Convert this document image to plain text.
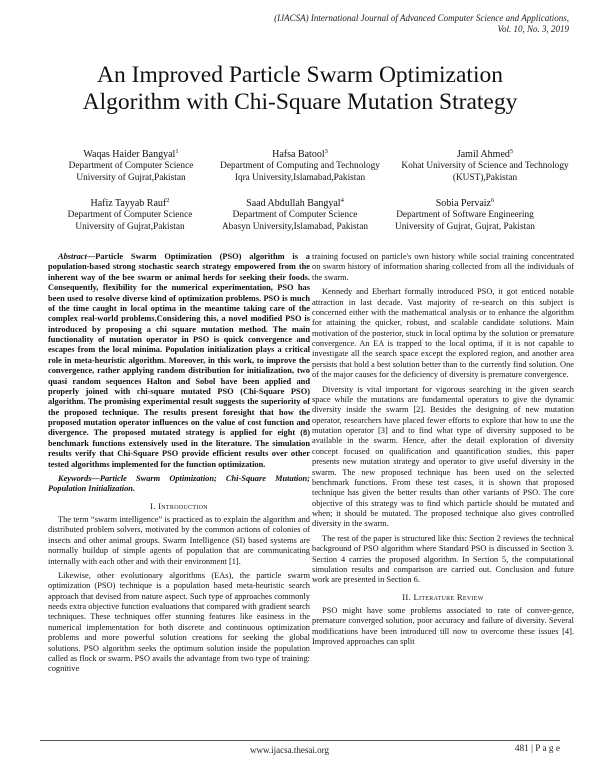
(IJACSA) International Journal of Advanced Computer Science and Applications,
Vol. 10, No. 3, 2019
An Improved Particle Swarm Optimization
Algorithm with Chi-Square Mutation Strategy
Waqas Haider Bangyal$^1$
Department of Computer Science
University of Gujrat,Pakistan
Hafsa Batool$^3$
Department of Computing and Technology
Iqra University,Islamabad,Pakistan
Jamil Ahmed$^5$
Kohat University of Science and Technology
(KUST),Pakistan
Hafiz Tayyab Rauf$^2$
Department of Computer Science
University of Gujrat,Pakistan
Saad Abdullah Bangyal$^4$
Department of Computer Science
Abasyn University,Islamabad, Pakistan
Sobia Pervaiz$^6$
Department of Software Engineering
University of Gujrat, Gujrat, Pakistan

Abstract—Particle Swarm Optimization (PSO) algorithm is a population-based strong stochastic search strategy empowered from the inherent way of the bee swarm or animal herds for seeking their foods. Consequently, flexibility for the numerical experimentation, PSO has been used to resolve diverse kind of optimization problems. PSO is much of the time caught in local optima in the meantime taking care of the complex real-world problems.Considering this, a novel modified PSO is introduced by proposing a chi square mutation method. The main functionality of mutation operator in PSO is quick convergence and escapes from the local minima. Population initialization plays a critical role in meta-heuristic algorithm. Moreover, in this work, to improve the convergence, rather applying random distribution for initialization, two quasi random sequences Halton and Sobol have been applied and properly joined with chi-square mutated PSO (Chi-Square PSO) algorithm. The promising experimental result suggests the superiority of the proposed technique. The results present foresight that how the proposed mutation operator influences on the value of cost function and divergence. The proposed mutated strategy is applied for eight (8) benchmark functions extensively used in the literature. The simulation results verify that Chi-Square PSO provide efficient results over other tested algorithms implemented for the function optimization.

Keywords—Particle Swarm Optimization; Chi-Square Mutation; Population Initialization.

I. Introduction

The term “swarm intelligence” is practiced as to explain the algorithm and distributed problem solvers, motivated by the common actions of colonies of insects and other animal groups. Swarm Intelligence (SI) based systems are normally buildup of simple agents of population that are communicating internally with each other and with their environment [1].

Likewise, other evolutionary algorithms (EAs), the particle swarm optimization (PSO) technique is a population based meta-heuristic search approach that devised from nature aspect. Such type of approaches commonly needs extra objective function evaluations that compared with gradient search techniques. These techniques offer stunning features like easiness in the numerical implementation for both discrete and continuous optimization problems and more powerful solution creations for seeking the global solutions. PSO algorithm seeks the optimum solution inside the population called as flock or swarm. PSO avails the advantage from two type of training: cognitive

training focused on particle's own history while social training concentrated on swarm history of information sharing collected from all the individuals of the swarm.

Kennedy and Eberhart formally introduced PSO, it got enticed notable attraction in last decade. Vast majority of re-search on this subject is concerned either with the mathematical analysis or to enhance the algorithm for attaining the quicker, robust, and scalable candidate solutions. Main motivation of the posterior, stuck in local optima by the solution or premature convergence. An EA is trapped to the local optima, if it is not capable to investigate all the search space except the explored region, and another area persists that hold a best solution better than to the currently find solution. One of the major causes for the deficiency of diversity is premature convergence.

Diversity is vital important for vigorous searching in the given search space while the mutations are fundamental operators to give the dynamic diversity inside the swarm [2]. Besides the designing of new mutation operator, researchers have placed fewer efforts to explore that how to use the mutation operator [3] and to find what type of diversity supposed to be available in the swarm. Hence, after the detail exploration of diversity concept focused on qualification and quantification studies, this paper presents new mutation strategy and operator to give useful diversity in the swarm. The new proposed technique has been used on the selected benchmark functions. From these test cases, it is shown that proposed technique has given the better results than other variants of PSO. The core objective of this strategy was to find which particle should be mutated and when; it should be mutated. The proposed technique also gives controlled diversity in the swarm.

The rest of the paper is structured like this: Section 2 reviews the technical background of PSO algorithm where Standard PSO is discussed in Section 3. Section 4 carries the proposed algorithm. In Section 5, the computational simulation results and comparison are carried out. Conclusion and future work are presented in Section 6.

II. Literature Review

PSO might have some problems associated to rate of conver-gence, premature converged solution, poor accuracy and failure of diversity. Several modifications have been introduced till now to overcome these issues [4]. Improved approaches can split

www.ijacsa.thesai.org	481 | P a g e
